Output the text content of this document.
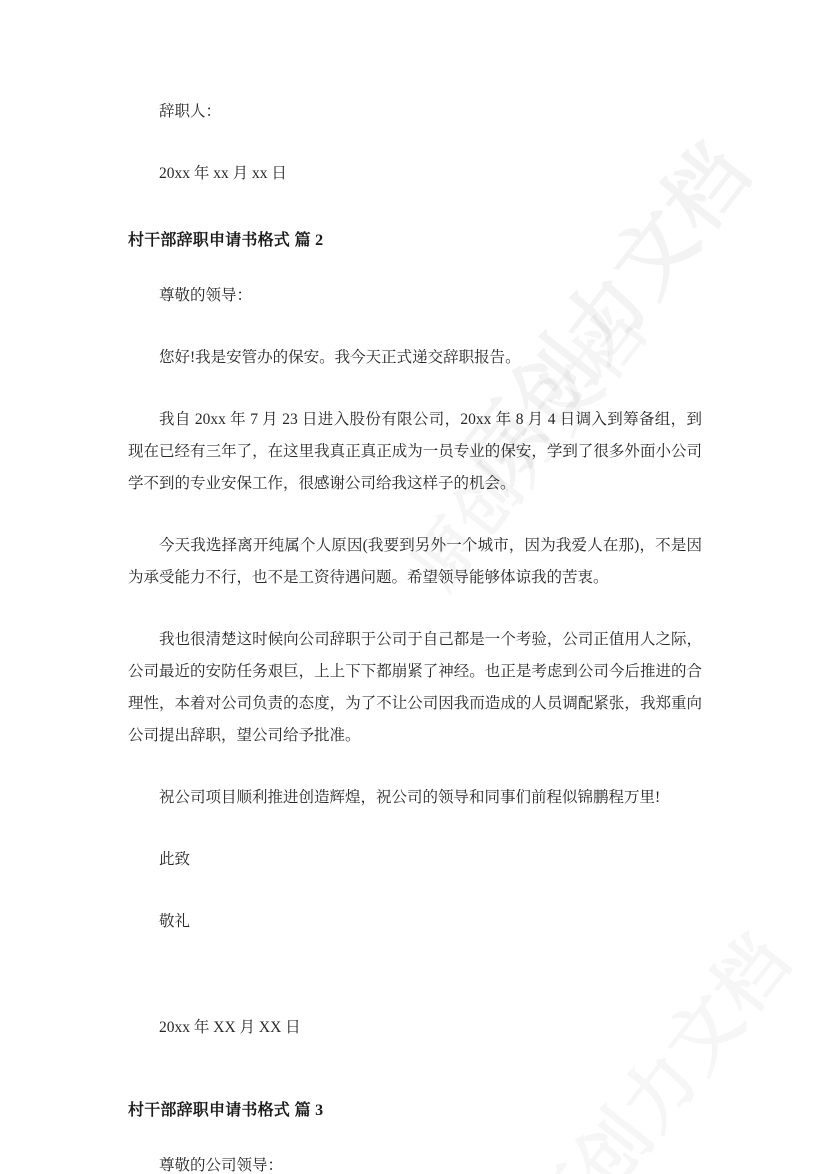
辞职人：

20xx 年 xx 月 xx 日

村干部辞职申请书格式 篇 2

尊敬的领导：

您好!我是安管办的保安。我今天正式递交辞职报告。

我自 20xx 年 7 月 23 日进入股份有限公司，20xx 年 8 月 4 日调入到筹备组，到现在已经有三年了，在这里我真正真正成为一员专业的保安，学到了很多外面小公司学不到的专业安保工作，很感谢公司给我这样子的机会。

今天我选择离开纯属个人原因(我要到另外一个城市，因为我爱人在那)，不是因为承受能力不行，也不是工资待遇问题。希望领导能够体谅我的苦衷。

我也很清楚这时候向公司辞职于公司于自己都是一个考验，公司正值用人之际，公司最近的安防任务艰巨，上上下下都崩紧了神经。也正是考虑到公司今后推进的合理性，本着对公司负责的态度，为了不让公司因我而造成的人员调配紧张，我郑重向公司提出辞职，望公司给予批准。

祝公司项目顺利推进创造辉煌，祝公司的领导和同事们前程似锦鹏程万里!

此致

敬礼

20xx 年 XX 月 XX 日

村干部辞职申请书格式 篇 3

尊敬的公司领导：
